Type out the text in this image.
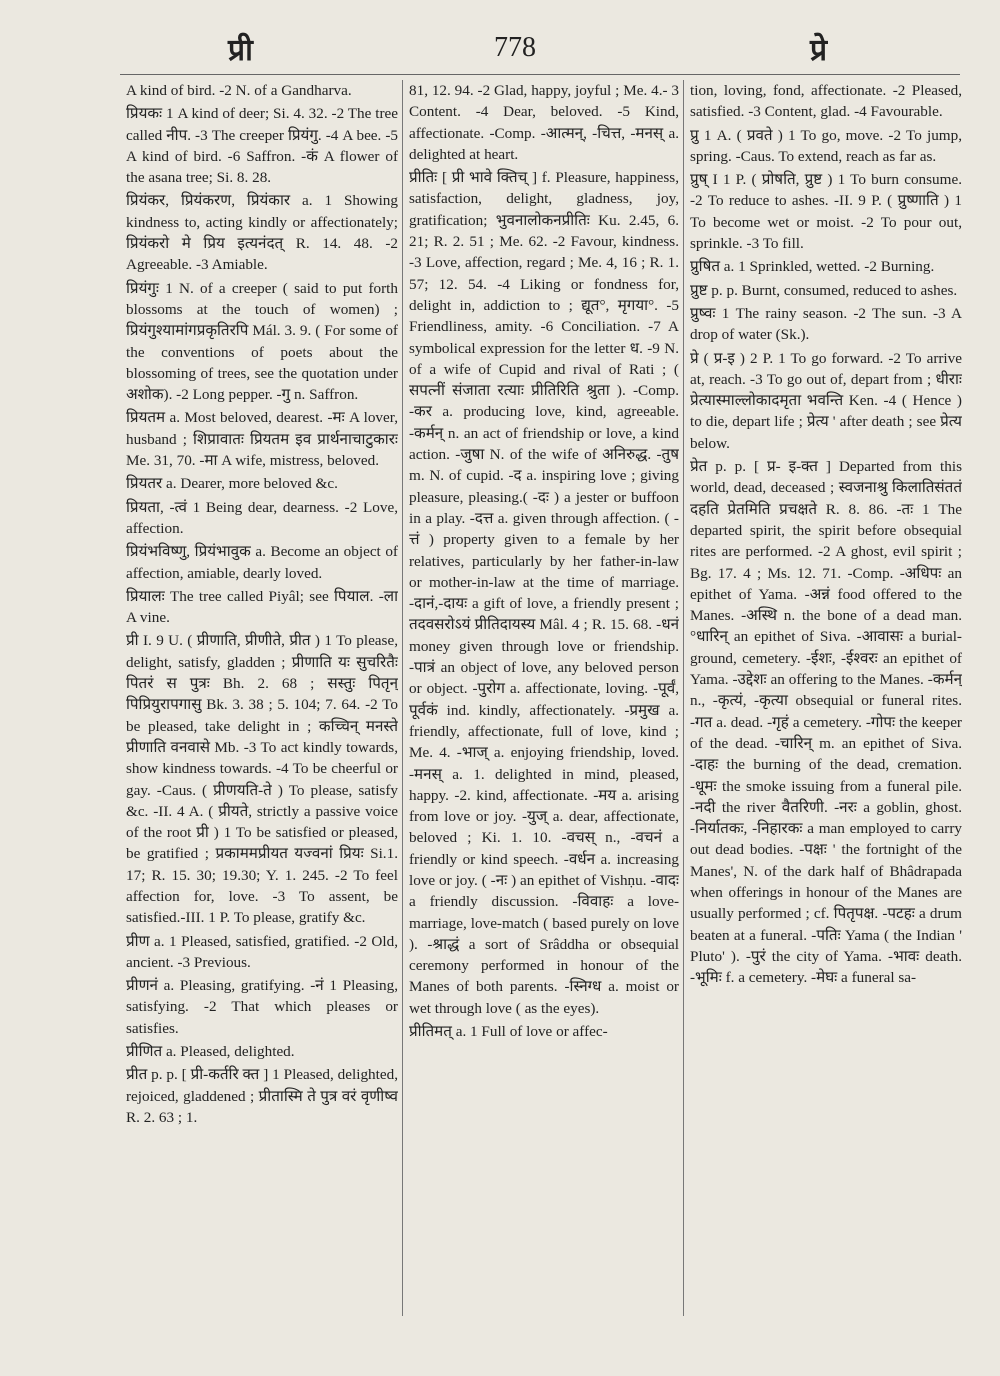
प्री	778	प्रे

A kind of bird. -2 N. of a Gandharva.

प्रियकः 1 A kind of deer; Si. 4. 32. -2 The tree called नीप. -3 The creeper प्रियंगु. -4 A bee. -5 A kind of bird. -6 Saffron. -कं A flower of the asana tree; Si. 8. 28.

प्रियंकर, प्रियंकरण, प्रियंकार a. 1 Showing kindness to, acting kindly or affectionately; प्रियंकरो मे प्रिय इत्यनंदत् R. 14. 48. -2 Agreeable. -3 Amiable.

प्रियंगुः 1 N. of a creeper ( said to put forth blossoms at the touch of women) ; प्रियंगुश्यामांगप्रकृतिरपि Mál. 3. 9. ( For some of the conventions of poets about the blossoming of trees, see the quotation under अशोक). -2 Long pepper. -गु n. Saffron.

प्रियतम a. Most beloved, dearest. -मः A lover, husband ; शिप्रावातः प्रियतम इव प्रार्थनाचाटुकारः Me. 31, 70. -मा A wife, mistress, beloved.

प्रियतर a. Dearer, more beloved &c.

प्रियता, -त्वं 1 Being dear, dearness. -2 Love, affection.

प्रियंभविष्णु, प्रियंभावुक a. Become an object of affection, amiable, dearly loved.

प्रियालः The tree called Piyâl; see पियाल. -ला A vine.

प्री I. 9 U. ( प्रीणाति, प्रीणीते, प्रीत ) 1 To please, delight, satisfy, gladden ; प्रीणाति यः सुचरितैः पितरं स पुत्रः Bh. 2. 68 ; सस्तुः पितृन् पिप्रियुरापगासु Bk. 3. 38 ; 5. 104; 7. 64. -2 To be pleased, take delight in ; कच्चिन् मनस्ते प्रीणाति वनवासे Mb. -3 To act kindly towards, show kindness towards. -4 To be cheerful or gay. -Caus. ( प्रीणयति-ते ) To please, satisfy &c. -II. 4 A. ( प्रीयते, strictly a passive voice of the root प्री ) 1 To be satisfied or pleased, be gratified ; प्रकाममप्रीयत यज्वनां प्रियः Si.1. 17; R. 15. 30; 19.30; Y. 1. 245. -2 To feel affection for, love. -3 To assent, be satisfied.-III. 1 P. To please, gratify &c.

प्रीण a. 1 Pleased, satisfied, gratified. -2 Old, ancient. -3 Previous.

प्रीणनं a. Pleasing, gratifying. -नं 1 Pleasing, satisfying. -2 That which pleases or satisfies.

प्रीणित a. Pleased, delighted.

प्रीत p. p. [ प्री-कर्तरि क्त ] 1 Pleased, delighted, rejoiced, gladdened ; प्रीतास्मि ते पुत्र वरं वृणीष्व R. 2. 63 ; 1.

81, 12. 94. -2 Glad, happy, joyful ; Me. 4.- 3 Content. -4 Dear, beloved. -5 Kind, affectionate. -Comp. -आत्मन्, -चित्त, -मनस् a. delighted at heart.

प्रीतिः [ प्री भावे क्तिच् ] f. Pleasure, happiness, satisfaction, delight, gladness, joy, gratification; भुवनालोकनप्रीतिः Ku. 2.45, 6. 21; R. 2. 51 ; Me. 62. -2 Favour, kindness. -3 Love, affection, regard ; Me. 4, 16 ; R. 1. 57; 12. 54. -4 Liking or fondness for, delight in, addiction to ; द्यूत°, मृगया°. -5 Friendliness, amity. -6 Conciliation. -7 A symbolical expression for the letter ध. -9 N. of a wife of Cupid and rival of Rati ; ( सपत्नीं संजाता रत्याः प्रीतिरिति श्रुता ). -Comp. -कर a. producing love, kind, agreeable. -कर्मन् n. an act of friendship or love, a kind action. -जुषा N. of the wife of अनिरुद्ध. -तुष m. N. of cupid. -द a. inspiring love ; giving pleasure, pleasing.( -दः ) a jester or buffoon in a play. -दत्त a. given through affection. ( -त्तं ) property given to a female by her relatives, particularly by her father-in-law or mother-in-law at the time of marriage. -दानं,-दायः a gift of love, a friendly present ; तदवसरोऽयं प्रीतिदायस्य Mâl. 4 ; R. 15. 68. -धनं money given through love or friendship. -पात्रं an object of love, any beloved person or object. -पुरोग a. affectionate, loving. -पूर्वं, पूर्वकं ind. kindly, affectionately. -प्रमुख a. friendly, affectionate, full of love, kind ; Me. 4. -भाज् a. enjoying friendship, loved. -मनस् a. 1. delighted in mind, pleased, happy. -2. kind, affectionate. -मय a. arising from love or joy. -युज् a. dear, affectionate, beloved ; Ki. 1. 10. -वचस् n., -वचनं a friendly or kind speech. -वर्धन a. increasing love or joy. ( -नः ) an epithet of Vishṇu. -वादः a friendly discussion. -विवाहः a love-marriage, love-match ( based purely on love ). -श्राद्धं a sort of Srâddha or obsequial ceremony performed in honour of the Manes of both parents. -स्निग्ध a. moist or wet through love ( as the eyes).

प्रीतिमत् a. 1 Full of love or affec-

tion, loving, fond, affectionate. -2 Pleased, satisfied. -3 Content, glad. -4 Favourable.

प्रु 1 A. ( प्रवते ) 1 To go, move. -2 To jump, spring. -Caus. To extend, reach as far as.

प्रुष् I 1 P. ( प्रोषति, प्रुष्ट ) 1 To burn consume. -2 To reduce to ashes. -II. 9 P. ( प्रुष्णाति ) 1 To become wet or moist. -2 To pour out, sprinkle. -3 To fill.

प्रुषित a. 1 Sprinkled, wetted. -2 Burning.

प्रुष्ट p. p. Burnt, consumed, reduced to ashes.

प्रुष्वः 1 The rainy season. -2 The sun. -3 A drop of water (Sk.).

प्रे ( प्र-इ ) 2 P. 1 To go forward. -2 To arrive at, reach. -3 To go out of, depart from ; धीराः प्रेत्यास्माल्लोकादमृता भवन्ति Ken. -4 ( Hence ) to die, depart life ; प्रेत्य ' after death ; see प्रेत्य below.

प्रेत p. p. [ प्र- इ-क्त ] Departed from this world, dead, deceased ; स्वजनाश्रु किलातिसंततं दहति प्रेतमिति प्रचक्षते R. 8. 86. -तः 1 The departed spirit, the spirit before obsequial rites are performed. -2 A ghost, evil spirit ; Bg. 17. 4 ; Ms. 12. 71. -Comp. -अधिपः an epithet of Yama. -अन्नं food offered to the Manes. -अस्थि n. the bone of a dead man. °धारिन् an epithet of Siva. -आवासः a burial-ground, cemetery. -ईशः, -ईश्वरः an epithet of Yama. -उद्देशः an offering to the Manes. -कर्मन् n., -कृत्यं, -कृत्या obsequial or funeral rites. -गत a. dead. -गृहं a cemetery. -गोपः the keeper of the dead. -चारिन् m. an epithet of Siva. -दाहः the burning of the dead, cremation. -धूमः the smoke issuing from a funeral pile. -नदी the river वैतरिणी. -नरः a goblin, ghost. -निर्यातकः, -निहारकः a man employed to carry out dead bodies. -पक्षः ' the fortnight of the Manes', N. of the dark half of Bhâdrapada when offerings in honour of the Manes are usually performed ; cf. पितृपक्ष. -पटहः a drum beaten at a funeral. -पतिः Yama ( the Indian ' Pluto' ). -पुरं the city of Yama. -भावः death. -भूमिः f. a cemetery. -मेघः a funeral sa-
